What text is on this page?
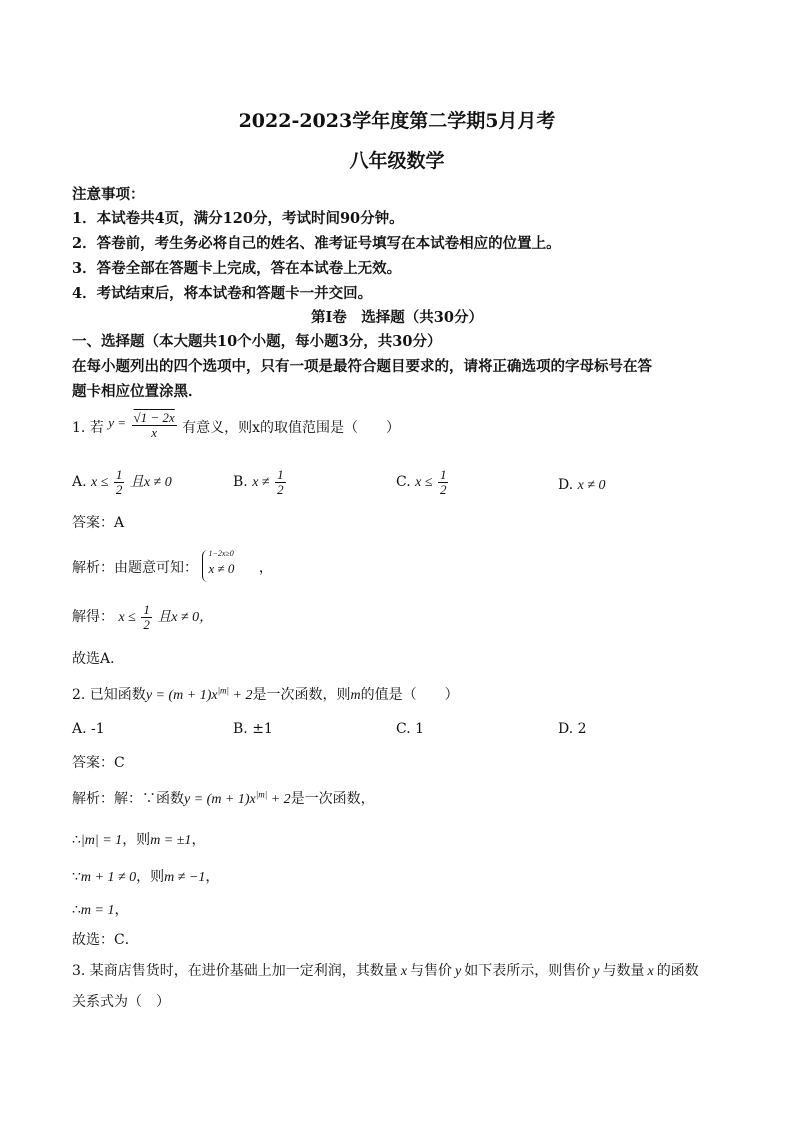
2022-2023学年度第二学期5月月考
八年级数学
注意事项：
1．本试卷共4页，满分120分，考试时间90分钟。
2．答卷前，考生务必将自己的姓名、准考证号填写在本试卷相应的位置上。
3．答卷全部在答题卡上完成，答在本试卷上无效。
4．考试结束后，将本试卷和答题卡一并交回。
第Ⅰ卷　选择题（共30分）
一、选择题（本大题共10个小题，每小题3分，共30分）
在每小题列出的四个选项中，只有一项是最符合题目要求的，请将正确选项的字母标号在答
题卡相应位置涂黑．
1. 若 $y = \frac{√1 - 2x}{x}$ 有意义，则x的取值范围是（　　）
A. $x \le \frac{1}{2}$ 且x ≠ 0	B. $x \ne \frac{1}{2}$	C. $x \le \frac{1}{2}$	D. x ≠ 0
答案：A
解析：由题意可知：
1−2x≥0
x ≠ 0 ，
解得： $x \le \frac{1}{2}$ 且x ≠ 0，
故选A．
2. 已知函数$y = (m + 1)x^{|m|} + 2$是一次函数，则m的值是（　　）
A. -1	B. ±1	C. 1	D. 2
答案：C
解析：解：∵函数$y = (m + 1)x^{|m|} + 2$是一次函数，
∴|m| = 1，则m = ±1，
∵m + 1 ≠ 0，则m ≠ −1，
∴m = 1，
故选：C．
3. 某商店售货时，在进价基础上加一定利润，其数量 x 与售价 y 如下表所示，则售价 y 与数量 x 的函数
关系式为（　）
